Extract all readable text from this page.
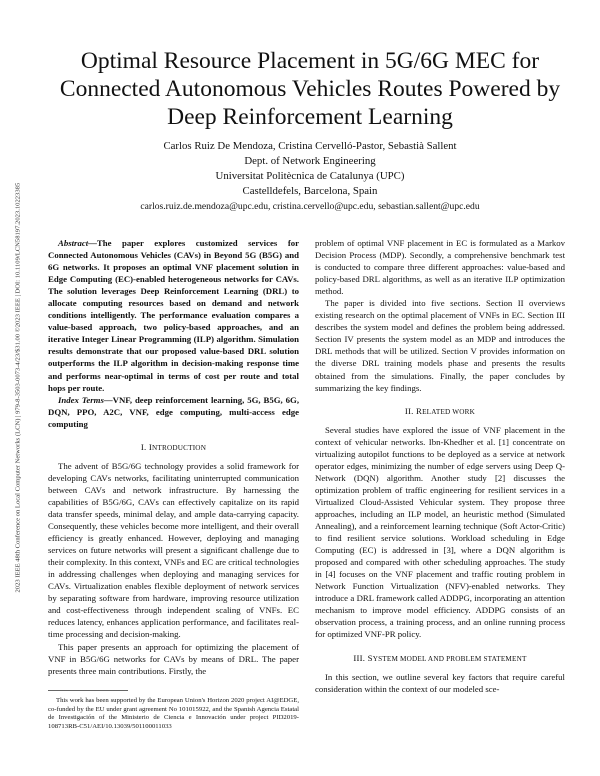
2023 IEEE 48th Conference on Local Computer Networks (LCN) | 979-8-3503-0073-4/23/$31.00 ©2023 IEEE | DOI: 10.1109/LCN58197.2023.10223385
Optimal Resource Placement in 5G/6G MEC for Connected Autonomous Vehicles Routes Powered by Deep Reinforcement Learning
Carlos Ruiz De Mendoza, Cristina Cervelló-Pastor, Sebastià Sallent
Dept. of Network Engineering
Universitat Politècnica de Catalunya (UPC)
Castelldefels, Barcelona, Spain
carlos.ruiz.de.mendoza@upc.edu, cristina.cervello@upc.edu, sebastian.sallent@upc.edu

Abstract—The paper explores customized services for Connected Autonomous Vehicles (CAVs) in Beyond 5G (B5G) and 6G networks. It proposes an optimal VNF placement solution in Edge Computing (EC)-enabled heterogeneous networks for CAVs. The solution leverages Deep Reinforcement Learning (DRL) to allocate computing resources based on demand and network conditions intelligently. The performance evaluation compares a value-based approach, two policy-based approaches, and an iterative Integer Linear Programming (ILP) algorithm. Simulation results demonstrate that our proposed value-based DRL solution outperforms the ILP algorithm in decision-making response time and performs near-optimal in terms of cost per route and total hops per route.

Index Terms—VNF, deep reinforcement learning, 5G, B5G, 6G, DQN, PPO, A2C, VNF, edge computing, multi-access edge computing

I. INTRODUCTION

The advent of B5G/6G technology provides a solid framework for developing CAVs networks, facilitating uninterrupted communication between CAVs and network infrastructure. By harnessing the capabilities of B5G/6G, CAVs can effectively capitalize on its rapid data transfer speeds, minimal delay, and ample data-carrying capacity. Consequently, these vehicles become more intelligent, and their overall efficiency is greatly enhanced. However, deploying and managing services on future networks will present a significant challenge due to their complexity. In this context, VNFs and EC are critical technologies in addressing challenges when deploying and managing services for CAVs. Virtualization enables flexible deployment of network services by separating software from hardware, improving resource utilization and cost-effectiveness through independent scaling of VNFs. EC reduces latency, enhances application performance, and facilitates real-time processing and decision-making.

This paper presents an approach for optimizing the placement of VNF in B5G/6G networks for CAVs by means of DRL. The paper presents three main contributions. Firstly, the

This work has been supported by the European Union's Horizon 2020 project AI@EDGE, co-funded by the EU under grant agreement No 101015922, and the Spanish Agencia Estatal de Investigación of the Ministerio de Ciencia e Innovación under project PID2019-108713RB-C51/AEI/10.13039/501100011033

problem of optimal VNF placement in EC is formulated as a Markov Decision Process (MDP). Secondly, a comprehensive benchmark test is conducted to compare three different approaches: value-based and policy-based DRL algorithms, as well as an iterative ILP optimization method.

The paper is divided into five sections. Section II overviews existing research on the optimal placement of VNFs in EC. Section III describes the system model and defines the problem being addressed. Section IV presents the system model as an MDP and introduces the DRL methods that will be utilized. Section V provides information on the diverse DRL training models phase and presents the results obtained from the simulations. Finally, the paper concludes by summarizing the key findings.

II. RELATED WORK

Several studies have explored the issue of VNF placement in the context of vehicular networks. Ibn-Khedher et al. [1] concentrate on virtualizing autopilot functions to be deployed as a service at network operator edges, minimizing the number of edge servers using Deep Q-Network (DQN) algorithm. Another study [2] discusses the optimization problem of traffic engineering for resilient services in a Virtualized Cloud-Assisted Vehicular system. They propose three approaches, including an ILP model, an heuristic method (Simulated Annealing), and a reinforcement learning technique (Soft Actor-Critic) to find resilient service solutions. Workload scheduling in Edge Computing (EC) is addressed in [3], where a DQN algorithm is proposed and compared with other scheduling approaches. The study in [4] focuses on the VNF placement and traffic routing problem in Network Function Virtualization (NFV)-enabled networks. They introduce a DRL framework called ADDPG, incorporating an attention mechanism to improve model efficiency. ADDPG consists of an observation process, a training process, and an online running process for optimized VNF-PR policy.

III. SYSTEM MODEL AND PROBLEM STATEMENT

In this section, we outline several key factors that require careful consideration within the context of our modeled sce-
